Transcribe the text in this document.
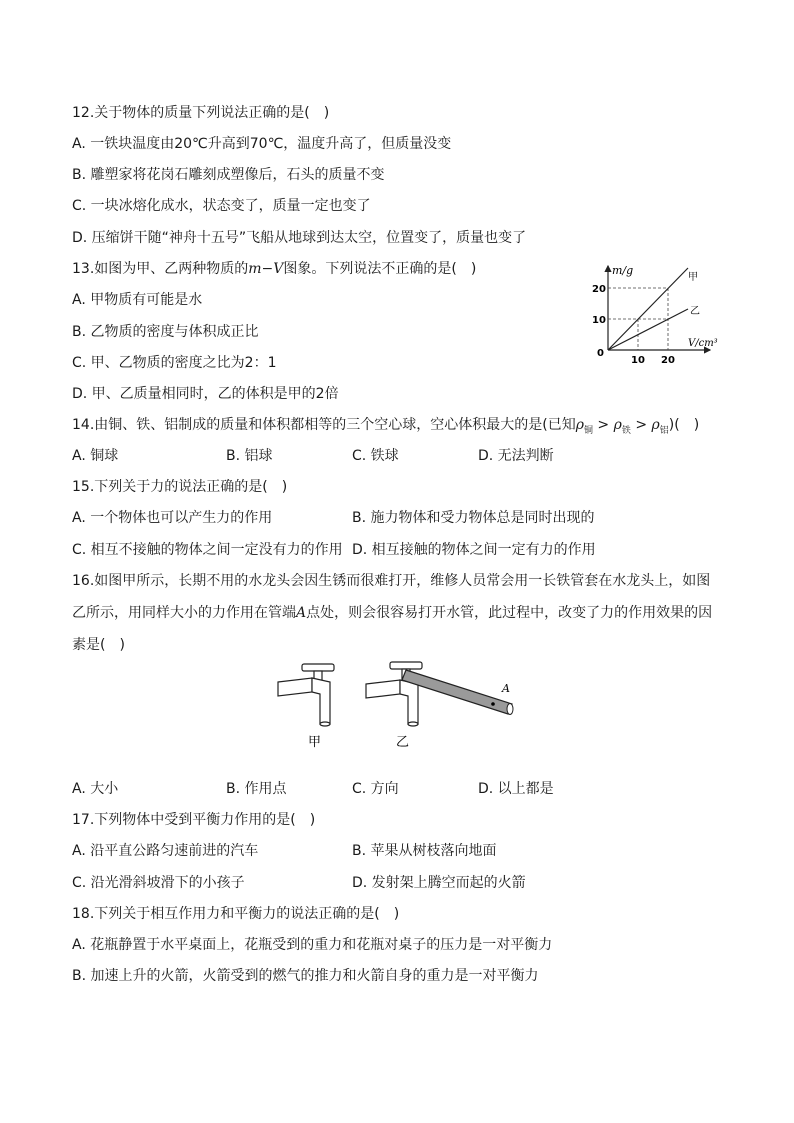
12.关于物体的质量下列说法正确的是( )
A. 一铁块温度由20℃升高到70℃，温度升高了，但质量没变
B. 雕塑家将花岗石雕刻成塑像后，石头的质量不变
C. 一块冰熔化成水，状态变了，质量一定也变了
D. 压缩饼干随“神舟十五号”飞船从地球到达太空，位置变了，质量也变了
13.如图为甲、乙两种物质的m−V图象。下列说法不正确的是( )
A. 甲物质有可能是水
B. 乙物质的密度与体积成正比
C. 甲、乙物质的密度之比为2：1
D. 甲、乙质量相同时，乙的体积是甲的2倍
m/g
V/cm³
0
20
10
10 20
甲
乙
14.由铜、铁、铝制成的质量和体积都相等的三个空心球，空心体积最大的是(已知$\rho_铜 > \rho_铁 > \rho_铝$)( )
A. 铜球	B. 铝球	C. 铁球	D. 无法判断
15.下列关于力的说法正确的是( )
A. 一个物体也可以产生力的作用	B. 施力物体和受力物体总是同时出现的
C. 相互不接触的物体之间一定没有力的作用 D. 相互接触的物体之间一定有力的作用
16.如图甲所示，长期不用的水龙头会因生锈而很难打开，维修人员常会用一长铁管套在水龙头上，如图乙所示，用同样大小的力作用在管端A点处，则会很容易打开水管，此过程中，改变了力的作用效果的因素是( )
A
甲	乙
A. 大小	B. 作用点	C. 方向	D. 以上都是
17.下列物体中受到平衡力作用的是( )
A. 沿平直公路匀速前进的汽车	B. 苹果从树枝落向地面
C. 沿光滑斜坡滑下的小孩子	D. 发射架上腾空而起的火箭
18.下列关于相互作用力和平衡力的说法正确的是( )
A. 花瓶静置于水平桌面上，花瓶受到的重力和花瓶对桌子的压力是一对平衡力
B. 加速上升的火箭，火箭受到的燃气的推力和火箭自身的重力是一对平衡力
